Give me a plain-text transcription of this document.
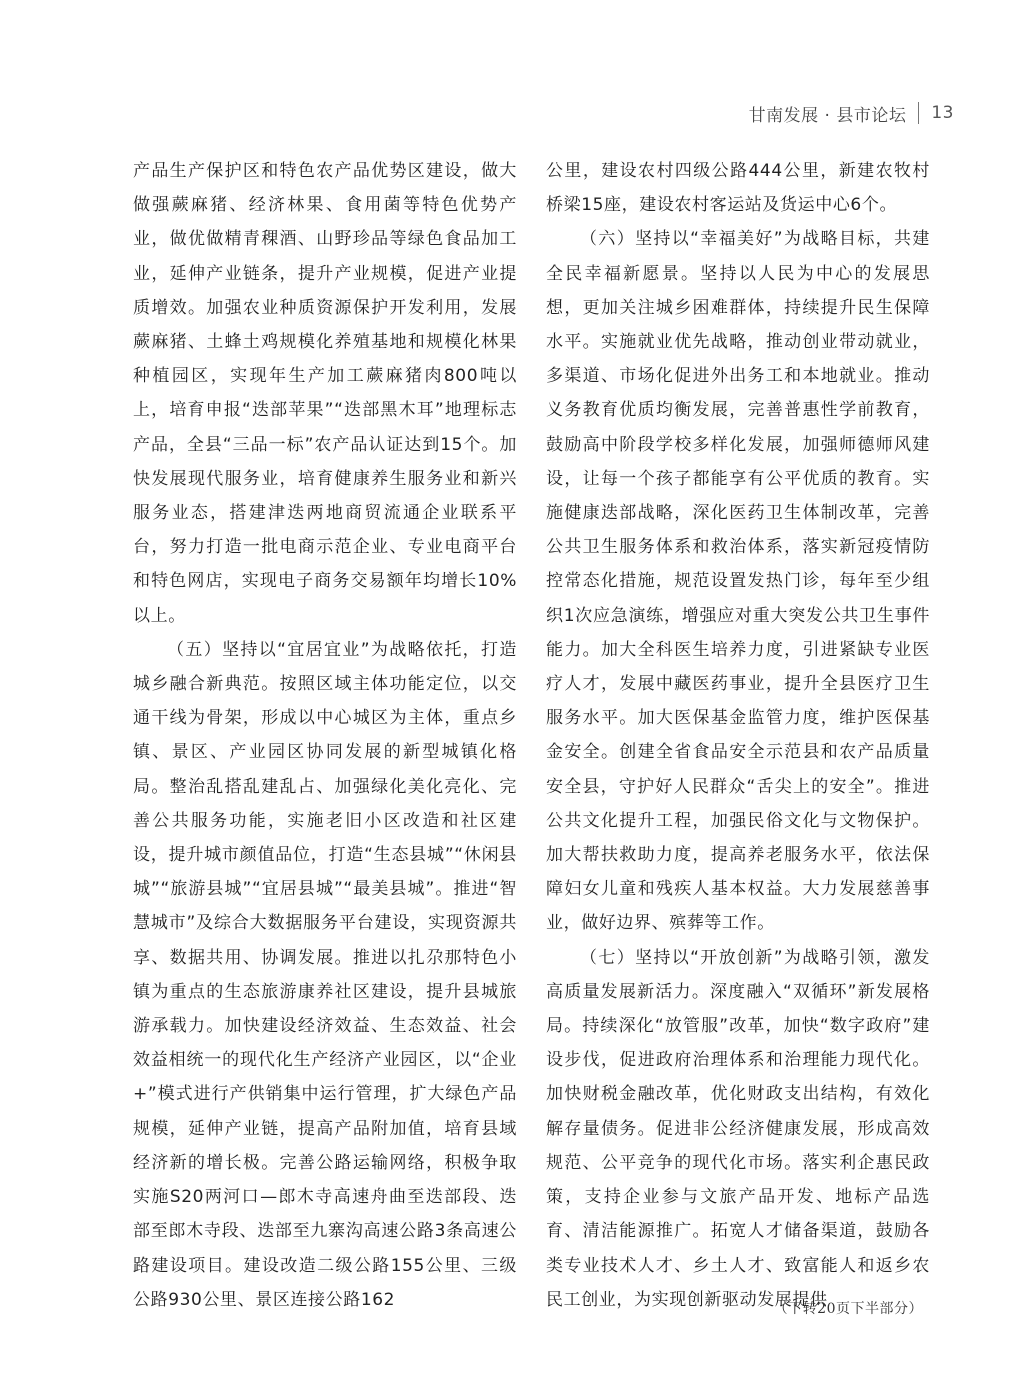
甘南发展 · 县市论坛 13

产品生产保护区和特色农产品优势区建设，做大做强蕨麻猪、经济林果、食用菌等特色优势产业，做优做精青稞酒、山野珍品等绿色食品加工业，延伸产业链条，提升产业规模，促进产业提质增效。加强农业种质资源保护开发利用，发展蕨麻猪、土蜂土鸡规模化养殖基地和规模化林果种植园区，实现年生产加工蕨麻猪肉800吨以上，培育申报“迭部苹果”“迭部黑木耳”地理标志产品，全县“三品一标”农产品认证达到15个。加快发展现代服务业，培育健康养生服务业和新兴服务业态，搭建津迭两地商贸流通企业联系平台，努力打造一批电商示范企业、专业电商平台和特色网店，实现电子商务交易额年均增长10%以上。

（五）坚持以“宜居宜业”为战略依托，打造城乡融合新典范。按照区域主体功能定位，以交通干线为骨架，形成以中心城区为主体，重点乡镇、景区、产业园区协同发展的新型城镇化格局。整治乱搭乱建乱占、加强绿化美化亮化、完善公共服务功能，实施老旧小区改造和社区建设，提升城市颜值品位，打造“生态县城”“休闲县城”“旅游县城”“宜居县城”“最美县城”。推进“智慧城市”及综合大数据服务平台建设，实现资源共享、数据共用、协调发展。推进以扎尕那特色小镇为重点的生态旅游康养社区建设，提升县城旅游承载力。加快建设经济效益、生态效益、社会效益相统一的现代化生产经济产业园区，以“企业+”模式进行产供销集中运行管理，扩大绿色产品规模，延伸产业链，提高产品附加值，培育县域经济新的增长极。完善公路运输网络，积极争取实施S20两河口—郎木寺高速舟曲至迭部段、迭部至郎木寺段、迭部至九寨沟高速公路3条高速公路建设项目。建设改造二级公路155公里、三级公路930公里、景区连接公路162

公里，建设农村四级公路444公里，新建农牧村桥梁15座，建设农村客运站及货运中心6个。

（六）坚持以“幸福美好”为战略目标，共建全民幸福新愿景。坚持以人民为中心的发展思想，更加关注城乡困难群体，持续提升民生保障水平。实施就业优先战略，推动创业带动就业，多渠道、市场化促进外出务工和本地就业。推动义务教育优质均衡发展，完善普惠性学前教育，鼓励高中阶段学校多样化发展，加强师德师风建设，让每一个孩子都能享有公平优质的教育。实施健康迭部战略，深化医药卫生体制改革，完善公共卫生服务体系和救治体系，落实新冠疫情防控常态化措施，规范设置发热门诊，每年至少组织1次应急演练，增强应对重大突发公共卫生事件能力。加大全科医生培养力度，引进紧缺专业医疗人才，发展中藏医药事业，提升全县医疗卫生服务水平。加大医保基金监管力度，维护医保基金安全。创建全省食品安全示范县和农产品质量安全县，守护好人民群众“舌尖上的安全”。推进公共文化提升工程，加强民俗文化与文物保护。加大帮扶救助力度，提高养老服务水平，依法保障妇女儿童和残疾人基本权益。大力发展慈善事业，做好边界、殡葬等工作。

（七）坚持以“开放创新”为战略引领，激发高质量发展新活力。深度融入“双循环”新发展格局。持续深化“放管服”改革，加快“数字政府”建设步伐，促进政府治理体系和治理能力现代化。加快财税金融改革，优化财政支出结构，有效化解存量债务。促进非公经济健康发展，形成高效规范、公平竞争的现代化市场。落实利企惠民政策，支持企业参与文旅产品开发、地标产品选育、清洁能源推广。拓宽人才储备渠道，鼓励各类专业技术人才、乡土人才、致富能人和返乡农民工创业，为实现创新驱动发展提供

（下转20页下半部分）
